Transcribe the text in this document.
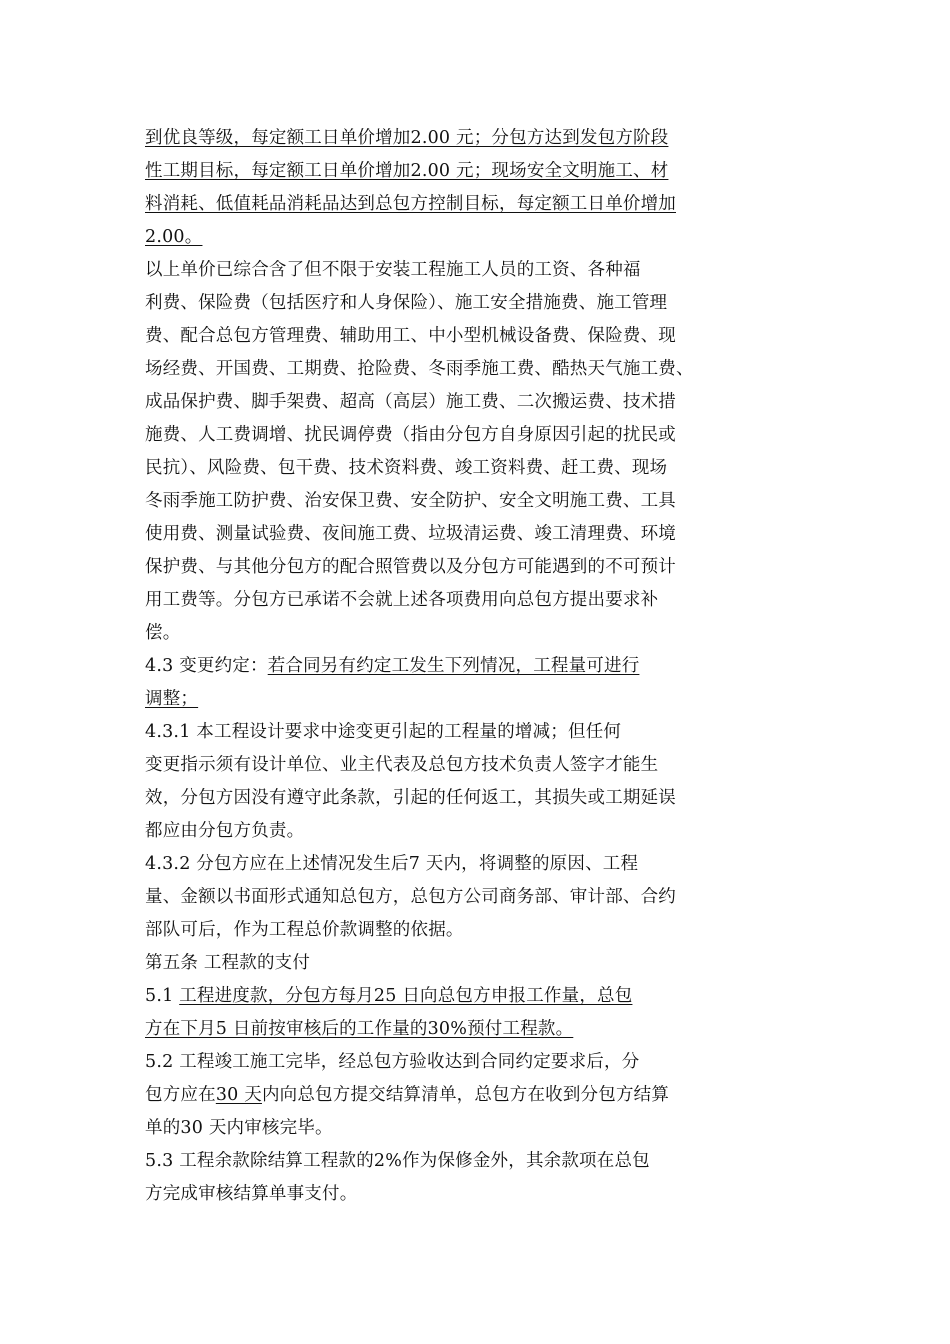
到优良等级，每定额工日单价增加2.00 元；分包方达到发包方阶段
性工期目标，每定额工日单价增加2.00 元；现场安全文明施工、材
料消耗、低值耗品消耗品达到总包方控制目标，每定额工日单价增加
2.00。
以上单价已综合含了但不限于安装工程施工人员的工资、各种福
利费、保险费（包括医疗和人身保险）、施工安全措施费、施工管理
费、配合总包方管理费、辅助用工、中小型机械设备费、保险费、现
场经费、开国费、工期费、抢险费、冬雨季施工费、酷热天气施工费、
成品保护费、脚手架费、超高（高层）施工费、二次搬运费、技术措
施费、人工费调增、扰民调停费（指由分包方自身原因引起的扰民或
民抗）、风险费、包干费、技术资料费、竣工资料费、赶工费、现场
冬雨季施工防护费、治安保卫费、安全防护、安全文明施工费、工具
使用费、测量试验费、夜间施工费、垃圾清运费、竣工清理费、环境
保护费、与其他分包方的配合照管费以及分包方可能遇到的不可预计
用工费等。分包方已承诺不会就上述各项费用向总包方提出要求补
偿。
4.3 变更约定：若合同另有约定工发生下列情况，工程量可进行
调整；
4.3.1 本工程设计要求中途变更引起的工程量的增减；但任何
变更指示须有设计单位、业主代表及总包方技术负责人签字才能生
效，分包方因没有遵守此条款，引起的任何返工，其损失或工期延误
都应由分包方负责。
4.3.2 分包方应在上述情况发生后7 天内，将调整的原因、工程
量、金额以书面形式通知总包方，总包方公司商务部、审计部、合约
部队可后，作为工程总价款调整的依据。
第五条 工程款的支付
5.1 工程进度款，分包方每月25 日向总包方申报工作量，总包
方在下月5 日前按审核后的工作量的30%预付工程款。
5.2 工程竣工施工完毕，经总包方验收达到合同约定要求后，分
包方应在30 天内向总包方提交结算清单，总包方在收到分包方结算
单的30 天内审核完毕。
5.3 工程余款除结算工程款的2%作为保修金外，其余款项在总包
方完成审核结算单事支付。
